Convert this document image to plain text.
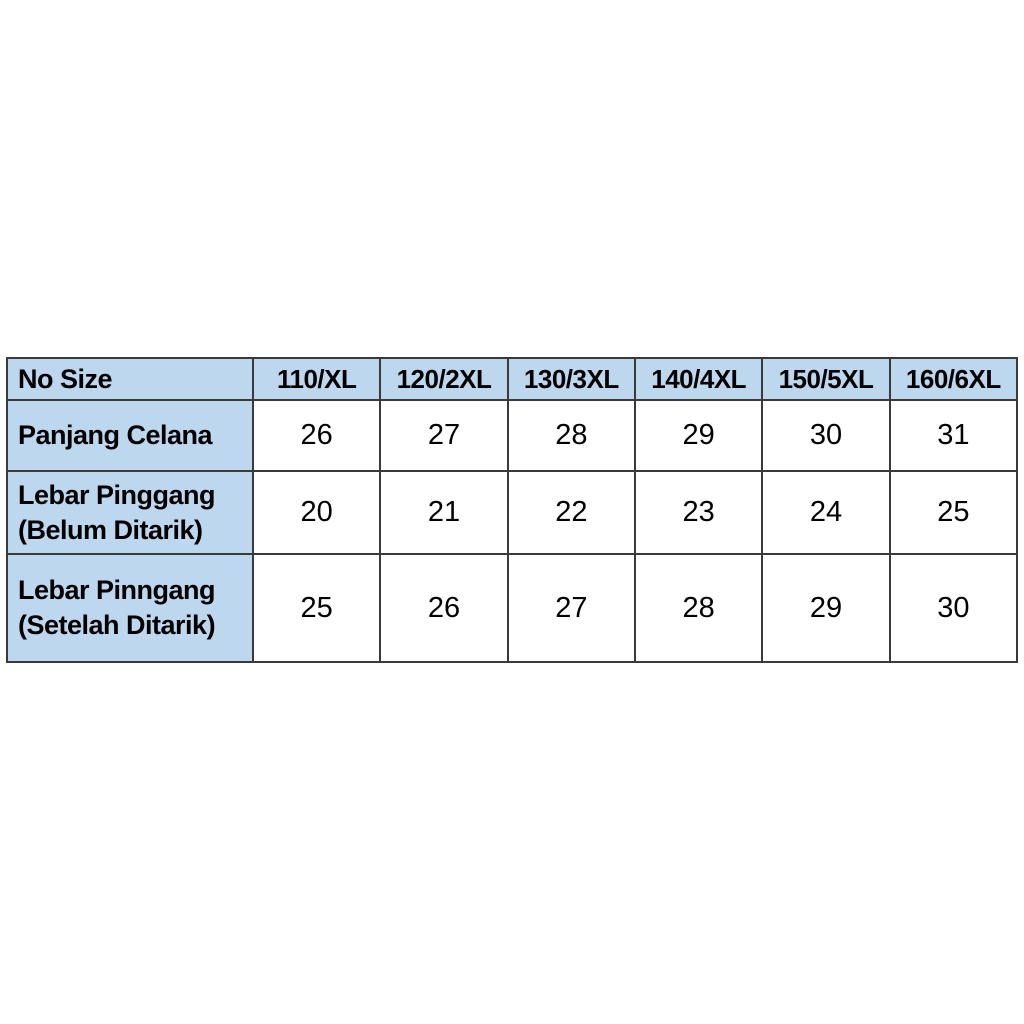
No Size	110/XL	120/2XL	130/3XL	140/4XL	150/5XL	160/6XL
Panjang Celana	26	27	28	29	30	31
Lebar Pinggang (Belum Ditarik)	20	21	22	23	24	25
Lebar Pinngang (Setelah Ditarik)	25	26	27	28	29	30
